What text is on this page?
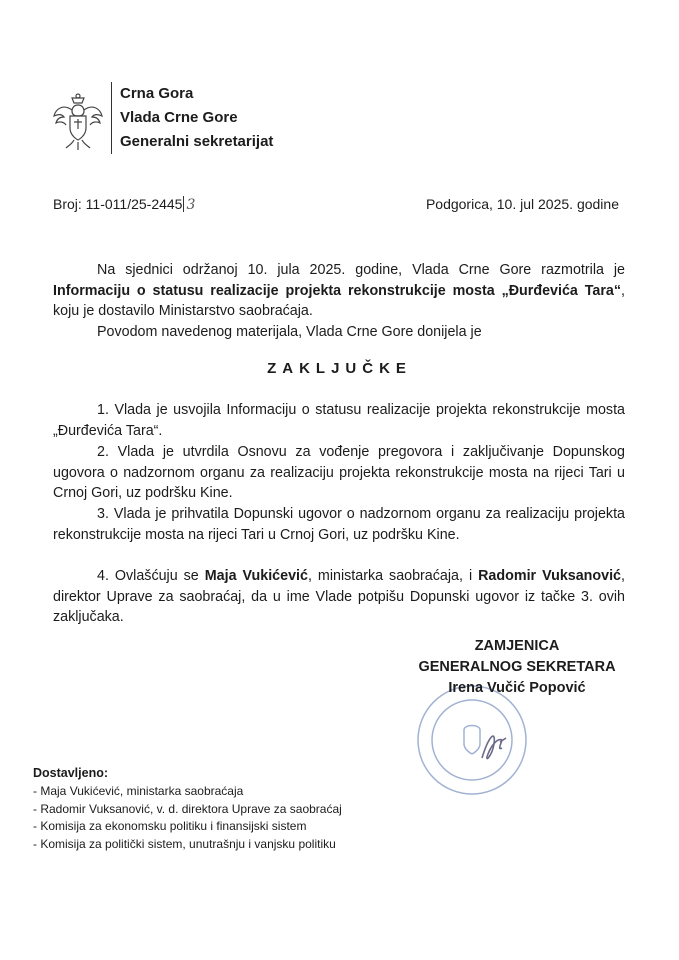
Crna Gora
Vlada Crne Gore
Generalni sekretarijat
Broj: 11-011/25-2445 3	Podgorica, 10. jul 2025. godine
Na sjednici održanoj 10. jula 2025. godine, Vlada Crne Gore razmotrila je Informaciju o statusu realizacije projekta rekonstrukcije mosta „Đurđevića Tara“, koju je dostavilo Ministarstvo saobraćaja.
Povodom navedenog materijala, Vlada Crne Gore donijela je
ZAKLJUČKE
1. Vlada je usvojila Informaciju o statusu realizacije projekta rekonstrukcije mosta „Đurđevića Tara“.
2. Vlada je utvrdila Osnovu za vođenje pregovora i zaključivanje Dopunskog ugovora o nadzornom organu za realizaciju projekta rekonstrukcije mosta na rijeci Tari u Crnoj Gori, uz podršku Kine.
3. Vlada je prihvatila Dopunski ugovor o nadzornom organu za realizaciju projekta rekonstrukcije mosta na rijeci Tari u Crnoj Gori, uz podršku Kine.
4. Ovlašćuju se Maja Vukićević, ministarka saobraćaja, i Radomir Vuksanović, direktor Uprave za saobraćaj, da u ime Vlade potpišu Dopunski ugovor iz tačke 3. ovih zaključaka.
ZAMJENICA
GENERALNOG SEKRETARA
Irena Vučić Popović
Dostavljeno:
- Maja Vukićević, ministarka saobraćaja
- Radomir Vuksanović, v. d. direktora Uprave za saobraćaj
- Komisija za ekonomsku politiku i finansijski sistem
- Komisija za politički sistem, unutrašnju i vanjsku politiku
